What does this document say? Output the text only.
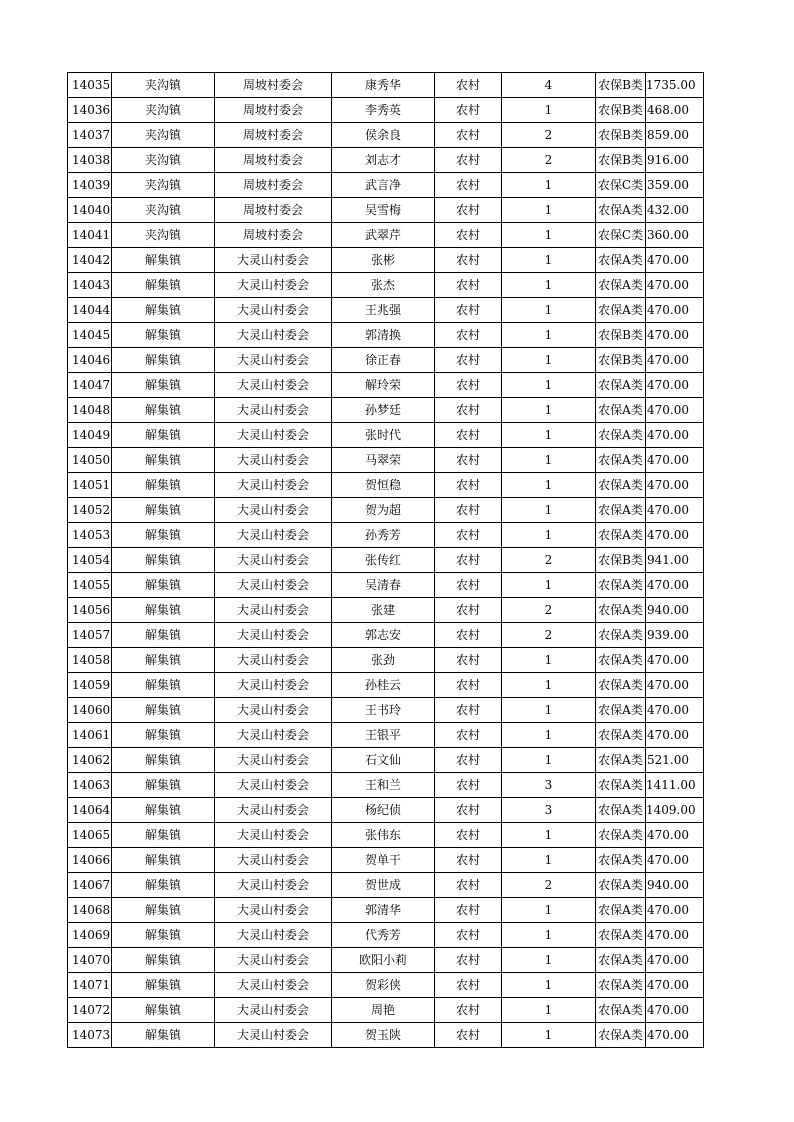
14035	夹沟镇	周坡村委会	康秀华	农村	4	农保B类	1735.00
14036	夹沟镇	周坡村委会	李秀英	农村	1	农保B类	468.00
14037	夹沟镇	周坡村委会	侯余良	农村	2	农保B类	859.00
14038	夹沟镇	周坡村委会	刘志才	农村	2	农保B类	916.00
14039	夹沟镇	周坡村委会	武言净	农村	1	农保C类	359.00
14040	夹沟镇	周坡村委会	吴雪梅	农村	1	农保A类	432.00
14041	夹沟镇	周坡村委会	武翠芹	农村	1	农保C类	360.00
14042	解集镇	大灵山村委会	张彬	农村	1	农保A类	470.00
14043	解集镇	大灵山村委会	张杰	农村	1	农保A类	470.00
14044	解集镇	大灵山村委会	王兆强	农村	1	农保A类	470.00
14045	解集镇	大灵山村委会	郭清换	农村	1	农保B类	470.00
14046	解集镇	大灵山村委会	徐正春	农村	1	农保B类	470.00
14047	解集镇	大灵山村委会	解玲荣	农村	1	农保A类	470.00
14048	解集镇	大灵山村委会	孙梦廷	农村	1	农保A类	470.00
14049	解集镇	大灵山村委会	张时代	农村	1	农保A类	470.00
14050	解集镇	大灵山村委会	马翠荣	农村	1	农保A类	470.00
14051	解集镇	大灵山村委会	贺恒稳	农村	1	农保A类	470.00
14052	解集镇	大灵山村委会	贺为超	农村	1	农保A类	470.00
14053	解集镇	大灵山村委会	孙秀芳	农村	1	农保A类	470.00
14054	解集镇	大灵山村委会	张传红	农村	2	农保B类	941.00
14055	解集镇	大灵山村委会	吴清春	农村	1	农保A类	470.00
14056	解集镇	大灵山村委会	张建	农村	2	农保A类	940.00
14057	解集镇	大灵山村委会	郭志安	农村	2	农保A类	939.00
14058	解集镇	大灵山村委会	张劲	农村	1	农保A类	470.00
14059	解集镇	大灵山村委会	孙桂云	农村	1	农保A类	470.00
14060	解集镇	大灵山村委会	王书玲	农村	1	农保A类	470.00
14061	解集镇	大灵山村委会	王银平	农村	1	农保A类	470.00
14062	解集镇	大灵山村委会	石文仙	农村	1	农保A类	521.00
14063	解集镇	大灵山村委会	王和兰	农村	3	农保A类	1411.00
14064	解集镇	大灵山村委会	杨纪侦	农村	3	农保A类	1409.00
14065	解集镇	大灵山村委会	张伟东	农村	1	农保A类	470.00
14066	解集镇	大灵山村委会	贺单干	农村	1	农保A类	470.00
14067	解集镇	大灵山村委会	贺世成	农村	2	农保A类	940.00
14068	解集镇	大灵山村委会	郭清华	农村	1	农保A类	470.00
14069	解集镇	大灵山村委会	代秀芳	农村	1	农保A类	470.00
14070	解集镇	大灵山村委会	欧阳小莉	农村	1	农保A类	470.00
14071	解集镇	大灵山村委会	贺彩侠	农村	1	农保A类	470.00
14072	解集镇	大灵山村委会	周艳	农村	1	农保A类	470.00
14073	解集镇	大灵山村委会	贺玉陕	农村	1	农保A类	470.00
